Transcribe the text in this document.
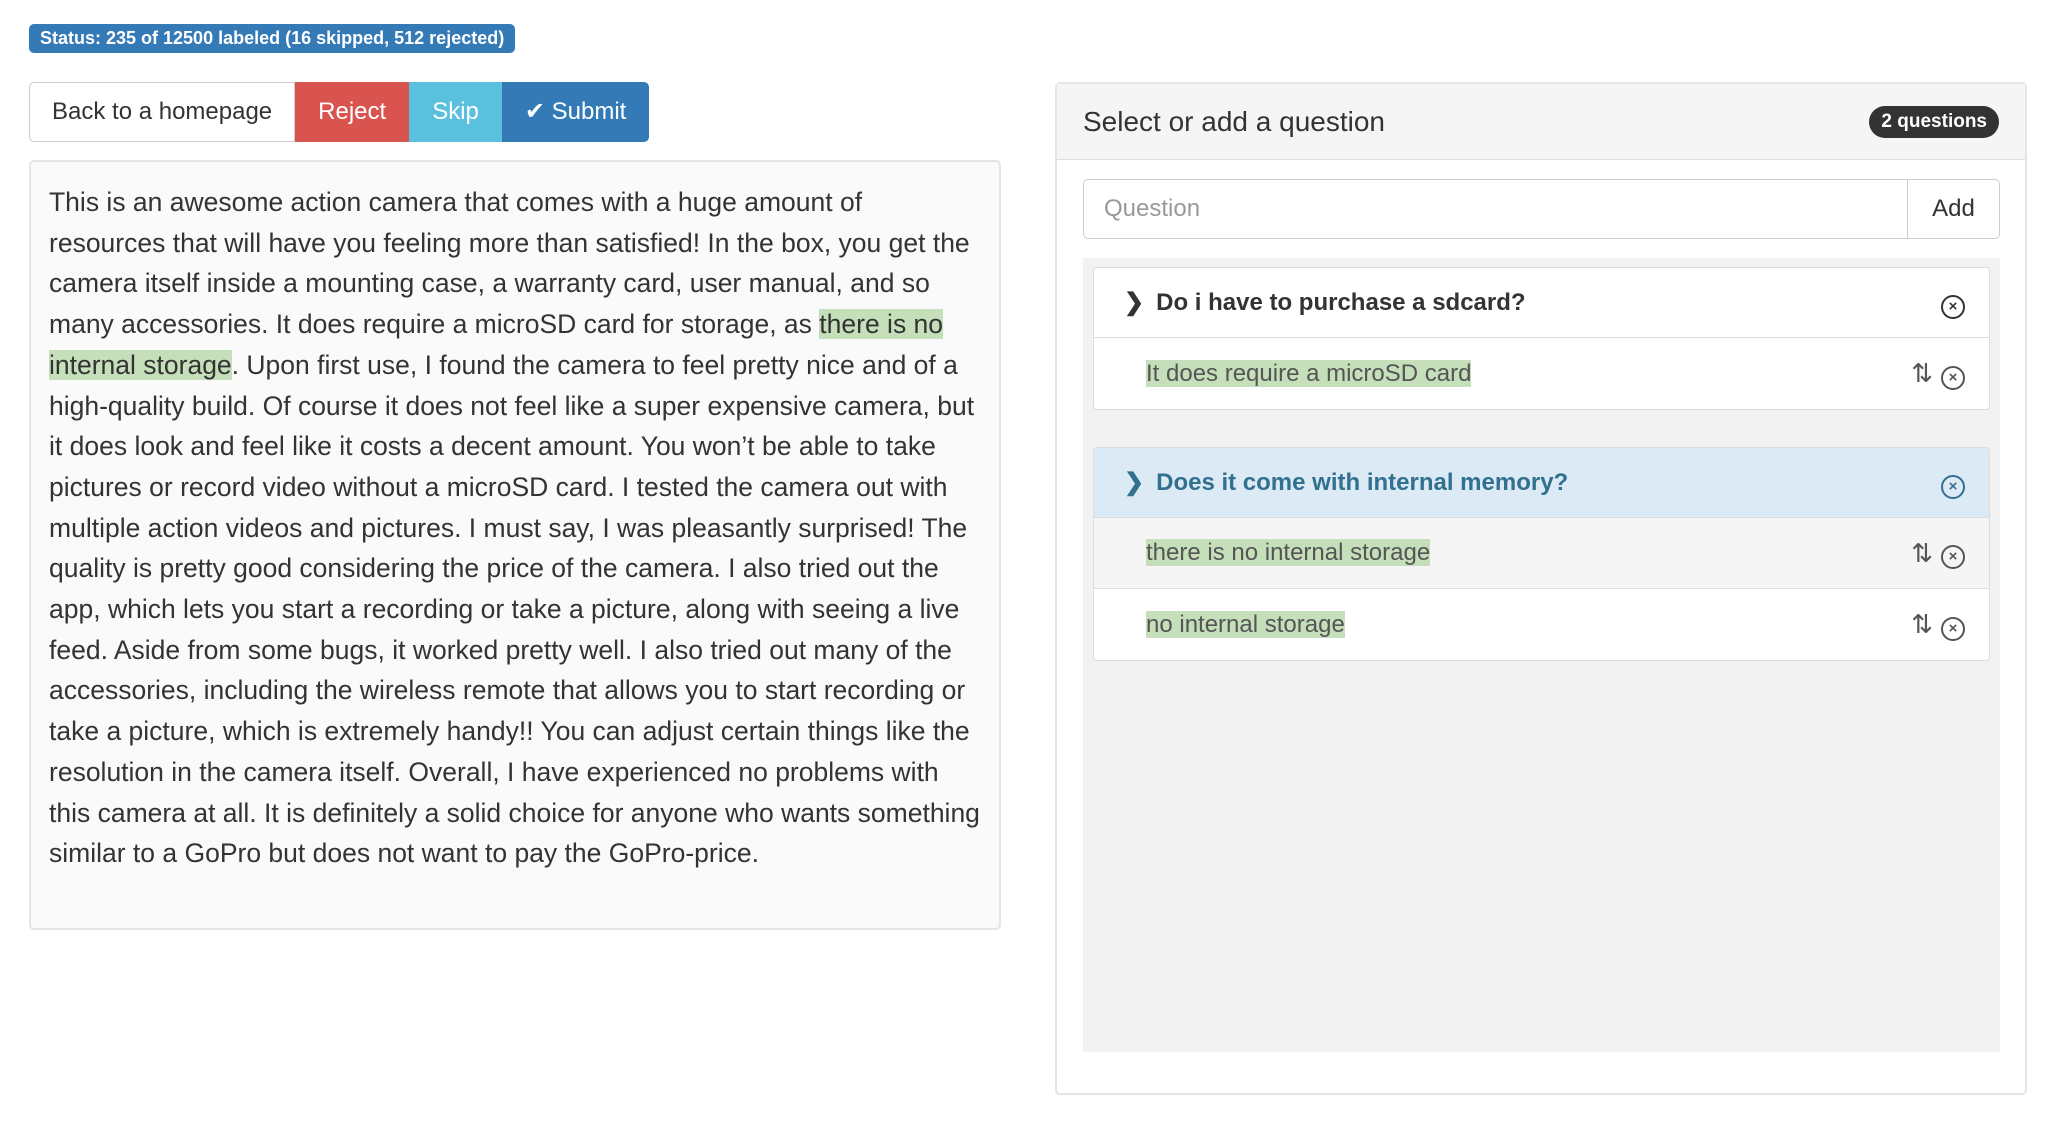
Status: 235 of 12500 labeled (16 skipped, 512 rejected)
Back to a homepage	Reject	Skip	✔ Submit

This is an awesome action camera that comes with a huge amount of resources that will have you feeling more than satisfied! In the box, you get the camera itself inside a mounting case, a warranty card, user manual, and so many accessories. It does require a microSD card for storage, as there is no internal storage. Upon first use, I found the camera to feel pretty nice and of a high-quality build. Of course it does not feel like a super expensive camera, but it does look and feel like it costs a decent amount. You won’t be able to take pictures or record video without a microSD card. I tested the camera out with multiple action videos and pictures. I must say, I was pleasantly surprised! The quality is pretty good considering the price of the camera. I also tried out the app, which lets you start a recording or take a picture, along with seeing a live feed. Aside from some bugs, it worked pretty well. I also tried out many of the accessories, including the wireless remote that allows you to start recording or take a picture, which is extremely handy!! You can adjust certain things like the resolution in the camera itself. Overall, I have experienced no problems with this camera at all. It is definitely a solid choice for anyone who wants something similar to a GoPro but does not want to pay the GoPro-price.

Select or add a question	2 questions
Question
Add
❯ Do i have to purchase a sdcard?	×
It does require a microSD card	⇅	×
❯ Does it come with internal memory?	×
there is no internal storage	⇅	×
no internal storage	⇅	×
